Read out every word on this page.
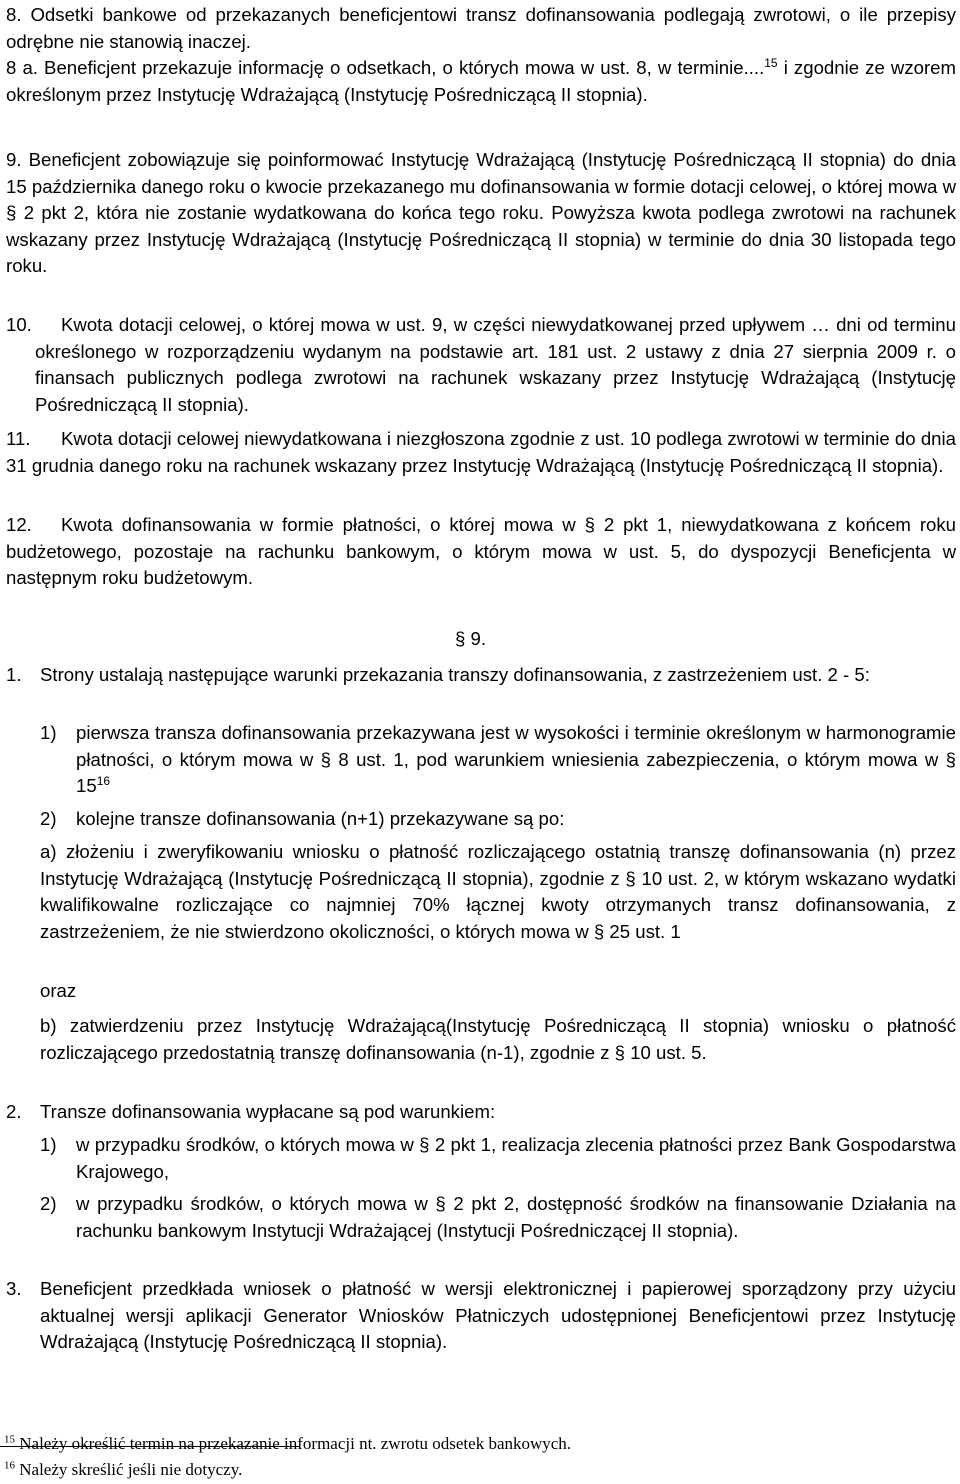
8. Odsetki bankowe od przekazanych beneficjentowi transz dofinansowania podlegają zwrotowi, o ile przepisy odrębne nie stanowią inaczej.

8 a. Beneficjent przekazuje informację o odsetkach, o których mowa w ust. 8, w terminie....$^{15}$ i zgodnie ze wzorem określonym przez Instytucję Wdrażającą (Instytucję Pośredniczącą II stopnia).

9. Beneficjent zobowiązuje się poinformować Instytucję Wdrażającą (Instytucję Pośredniczącą II stopnia) do dnia 15 października danego roku o kwocie przekazanego mu dofinansowania w formie dotacji celowej, o której mowa w § 2 pkt 2, która nie zostanie wydatkowana do końca tego roku. Powyższa kwota podlega zwrotowi na rachunek wskazany przez Instytucję Wdrażającą (Instytucję Pośredniczącą II stopnia) w terminie do dnia 30 listopada tego roku.

10.	Kwota dotacji celowej, o której mowa w ust. 9, w części niewydatkowanej przed upływem … dni od terminu określonego w rozporządzeniu wydanym na podstawie art. 181 ust. 2 ustawy z dnia 27 sierpnia 2009 r. o finansach publicznych podlega zwrotowi na rachunek wskazany przez Instytucję Wdrażającą (Instytucję Pośredniczącą II stopnia).

11.	Kwota dotacji celowej niewydatkowana i niezgłoszona zgodnie z ust. 10 podlega zwrotowi w terminie do dnia 31 grudnia danego roku na rachunek wskazany przez Instytucję Wdrażającą (Instytucję Pośredniczącą II stopnia).

12.	Kwota dofinansowania w formie płatności, o której mowa w § 2 pkt 1, niewydatkowana z końcem roku budżetowego, pozostaje na rachunku bankowym, o którym mowa w ust. 5, do dyspozycji Beneficjenta w następnym roku budżetowym.

§ 9.
1. Strony ustalają następujące warunki przekazania transzy dofinansowania, z zastrzeżeniem ust. 2 - 5:

1) pierwsza transza dofinansowania przekazywana jest w wysokości i terminie określonym w harmonogramie płatności, o którym mowa w § 8 ust. 1, pod warunkiem wniesienia zabezpieczenia, o którym mowa w § $15^{16}$

2) kolejne transze dofinansowania (n+1) przekazywane są po:

a) złożeniu i zweryfikowaniu wniosku o płatność rozliczającego ostatnią transzę dofinansowania (n) przez Instytucję Wdrażającą (Instytucję Pośredniczącą II stopnia), zgodnie z § 10 ust. 2, w którym wskazano wydatki kwalifikowalne rozliczające co najmniej 70% łącznej kwoty otrzymanych transz dofinansowania, z zastrzeżeniem, że nie stwierdzono okoliczności, o których mowa w § 25 ust. 1

oraz

b) zatwierdzeniu przez Instytucję Wdrażającą(Instytucję Pośredniczącą II stopnia) wniosku o płatność rozliczającego przedostatnią transzę dofinansowania (n-1), zgodnie z § 10 ust. 5.

2. Transze dofinansowania wypłacane są pod warunkiem:

1) w przypadku środków, o których mowa w § 2 pkt 1, realizacja zlecenia płatności przez Bank Gospodarstwa Krajowego,

2) w przypadku środków, o których mowa w § 2 pkt 2, dostępność środków na finansowanie Działania na rachunku bankowym Instytucji Wdrażającej (Instytucji Pośredniczącej II stopnia).

3. Beneficjent przedkłada wniosek o płatność w wersji elektronicznej i papierowej sporządzony przy użyciu aktualnej wersji aplikacji Generator Wniosków Płatniczych udostępnionej Beneficjentowi przez Instytucję Wdrażającą (Instytucję Pośredniczącą II stopnia).

$^{15}$ Należy określić termin na przekazanie informacji nt. zwrotu odsetek bankowych.
$^{16}$ Należy skreślić jeśli nie dotyczy.
